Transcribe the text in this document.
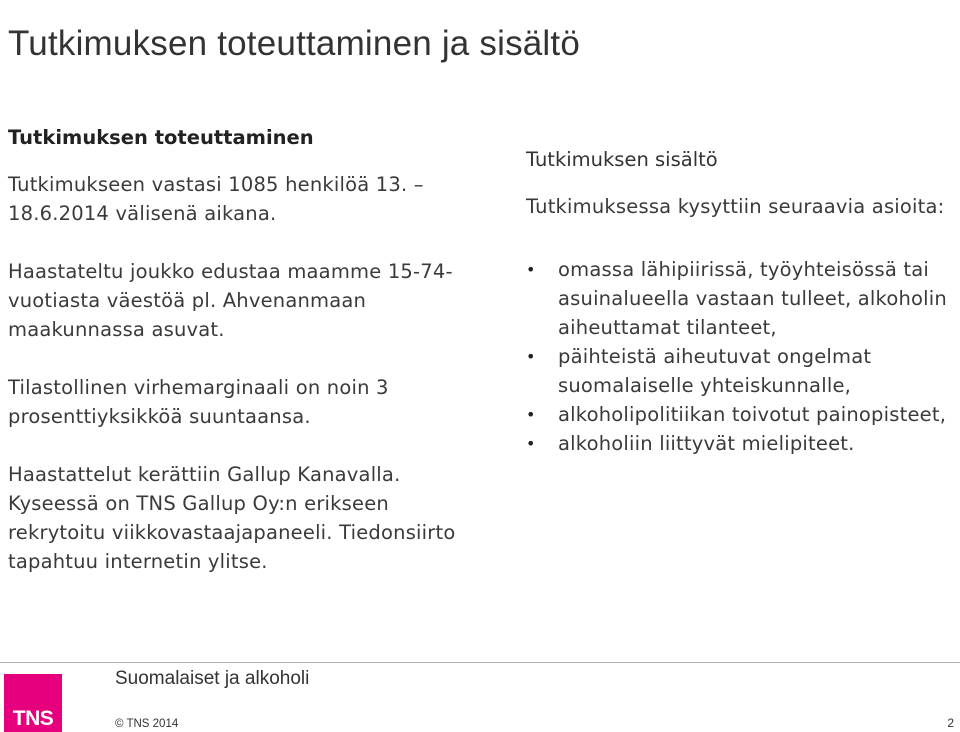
Tutkimuksen toteuttaminen ja sisältö
Tutkimuksen toteuttaminen
Tutkimukseen vastasi 1085 henkilöä 13. – 18.6.2014 välisenä aikana.
Haastateltu joukko edustaa maamme 15-74-vuotiasta väestöä pl. Ahvenanmaan maakunnassa asuvat.
Tilastollinen virhemarginaali on noin 3 prosenttiyksikköä suuntaansa.
Haastattelut kerättiin Gallup Kanavalla. Kyseessä on TNS Gallup Oy:n erikseen rekrytoitu viikkovastaajapaneeli. Tiedonsiirto tapahtuu internetin ylitse.
Tutkimuksen sisältö
Tutkimuksessa kysyttiin seuraavia asioita:
• omassa lähipiirissä, työyhteisössä tai asuinalueella vastaan tulleet, alkoholin aiheuttamat tilanteet,
• päihteistä aiheutuvat ongelmat suomalaiselle yhteiskunnalle,
• alkoholipolitiikan toivotut painopisteet,
• alkoholiin liittyvät mielipiteet.
TNS
Suomalaiset ja alkoholi
© TNS 2014	2
